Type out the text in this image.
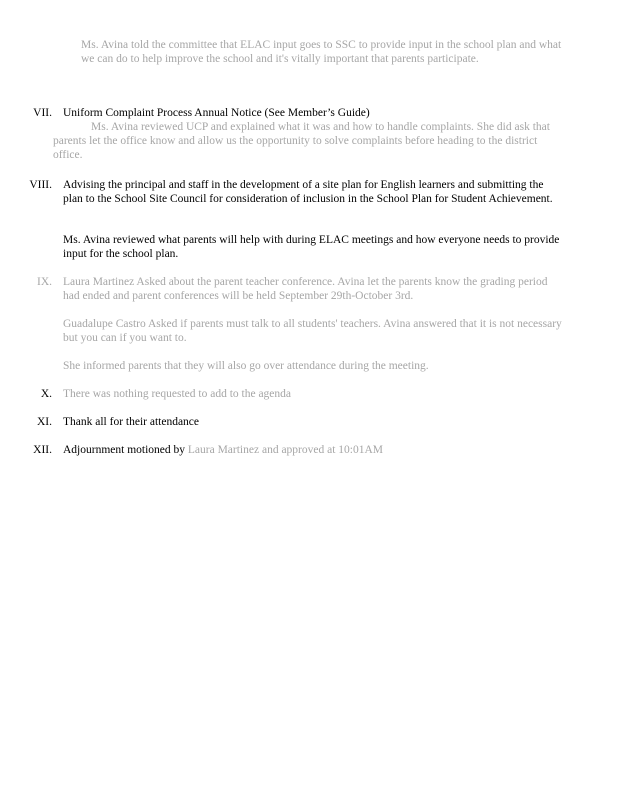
Ms. Avina told the committee that ELAC input goes to SSC to provide input in the school plan and what we can do to help improve the school and it's vitally important that parents participate.
VII. Uniform Complaint Process Annual Notice (See Member’s Guide)
Ms. Avina reviewed UCP and explained what it was and how to handle complaints. She did ask that parents let the office know and allow us the opportunity to solve complaints before heading to the district office.
VIII. Advising the principal and staff in the development of a site plan for English learners and submitting the plan to the School Site Council for consideration of inclusion in the School Plan for Student Achievement.
Ms. Avina reviewed what parents will help with during ELAC meetings and how everyone needs to provide input for the school plan.
IX. Laura Martinez Asked about the parent teacher conference. Avina let the parents know the grading period had ended and parent conferences will be held September 29th-October 3rd.
Guadalupe Castro Asked if parents must talk to all students' teachers. Avina answered that it is not necessary but you can if you want to.
She informed parents that they will also go over attendance during the meeting.
X. There was nothing requested to add to the agenda
XI. Thank all for their attendance
XII. Adjournment motioned by Laura Martinez and approved at 10:01AM
